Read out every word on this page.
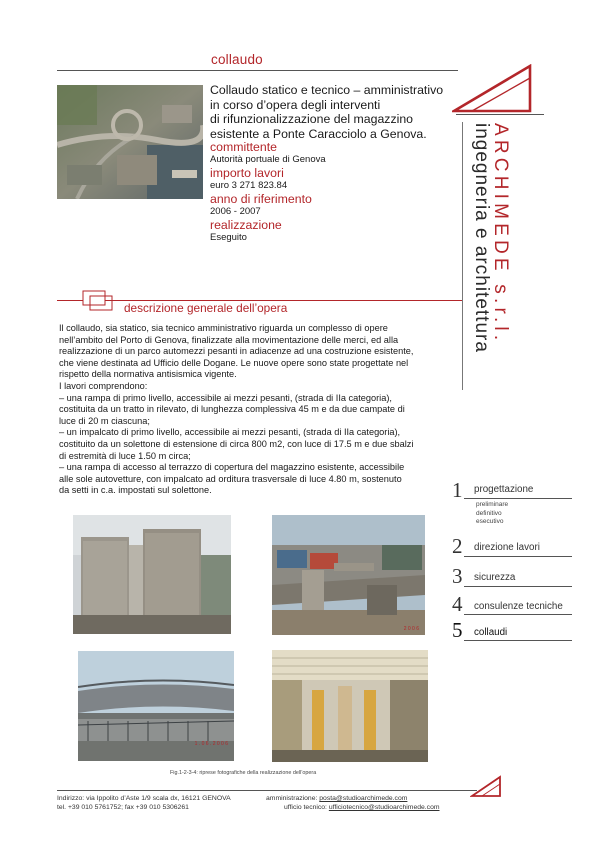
collaudo
ARCHIMEDE s.r.l.
ingegneria e architettura
Collaudo statico e tecnico – amministrativo
in corso d’opera degli interventi
di rifunzionalizzazione del magazzino
esistente a Ponte Caracciolo a Genova.
committente
Autorità portuale di Genova
importo lavori
euro 3 271 823.84
anno di riferimento
2006 - 2007
realizzazione
Eseguito
descrizione generale dell’opera
Il collaudo, sia statico, sia tecnico amministrativo riguarda un complesso di opere
nell’ambito del Porto di Genova, finalizzate alla movimentazione delle merci, ed alla
realizzazione di un parco automezzi pesanti in adiacenze ad una costruzione esistente,
che viene destinata ad Ufficio delle Dogane. Le nuove opere sono state progettate nel
rispetto della normativa antisismica vigente.
I lavori comprendono:
– una rampa di primo livello, accessibile ai mezzi pesanti, (strada di IIa categoria),
costituita da un tratto in rilevato, di lunghezza complessiva 45 m e da due campate di
luce di 20 m ciascuna;
– un impalcato di primo livello, accessibile ai mezzi pesanti, (strada di IIa categoria),
costituito da un solettone di estensione di circa 800 m2, con luce di 17.5 m e due sbalzi
di estremità di luce 1.50 m circa;
– una rampa di accesso al terrazzo di copertura del magazzino esistente, accessibile
alle sole autovetture, con impalcato ad orditura trasversale di luce 4.80 m, sostenuto
da setti in c.a. impostati sul solettone.
2 0 0 6
1 . 0 6 . 2 0 0 6
Fig.1-2-3-4: riprese fotografiche della realizzazione dell’opera
1 progettazione
preliminare
definitivo
esecutivo
2 direzione lavori
3 sicurezza
4 consulenze tecniche
5 collaudi
Indirizzo: via Ippolito d’Aste 1/9 scala dx, 16121 GENOVA
tel. +39 010 5761752; fax +39 010 5306261
amministrazione: posta@studioarchimede.com
ufficio tecnico: ufficiotecnico@studioarchimede.com
